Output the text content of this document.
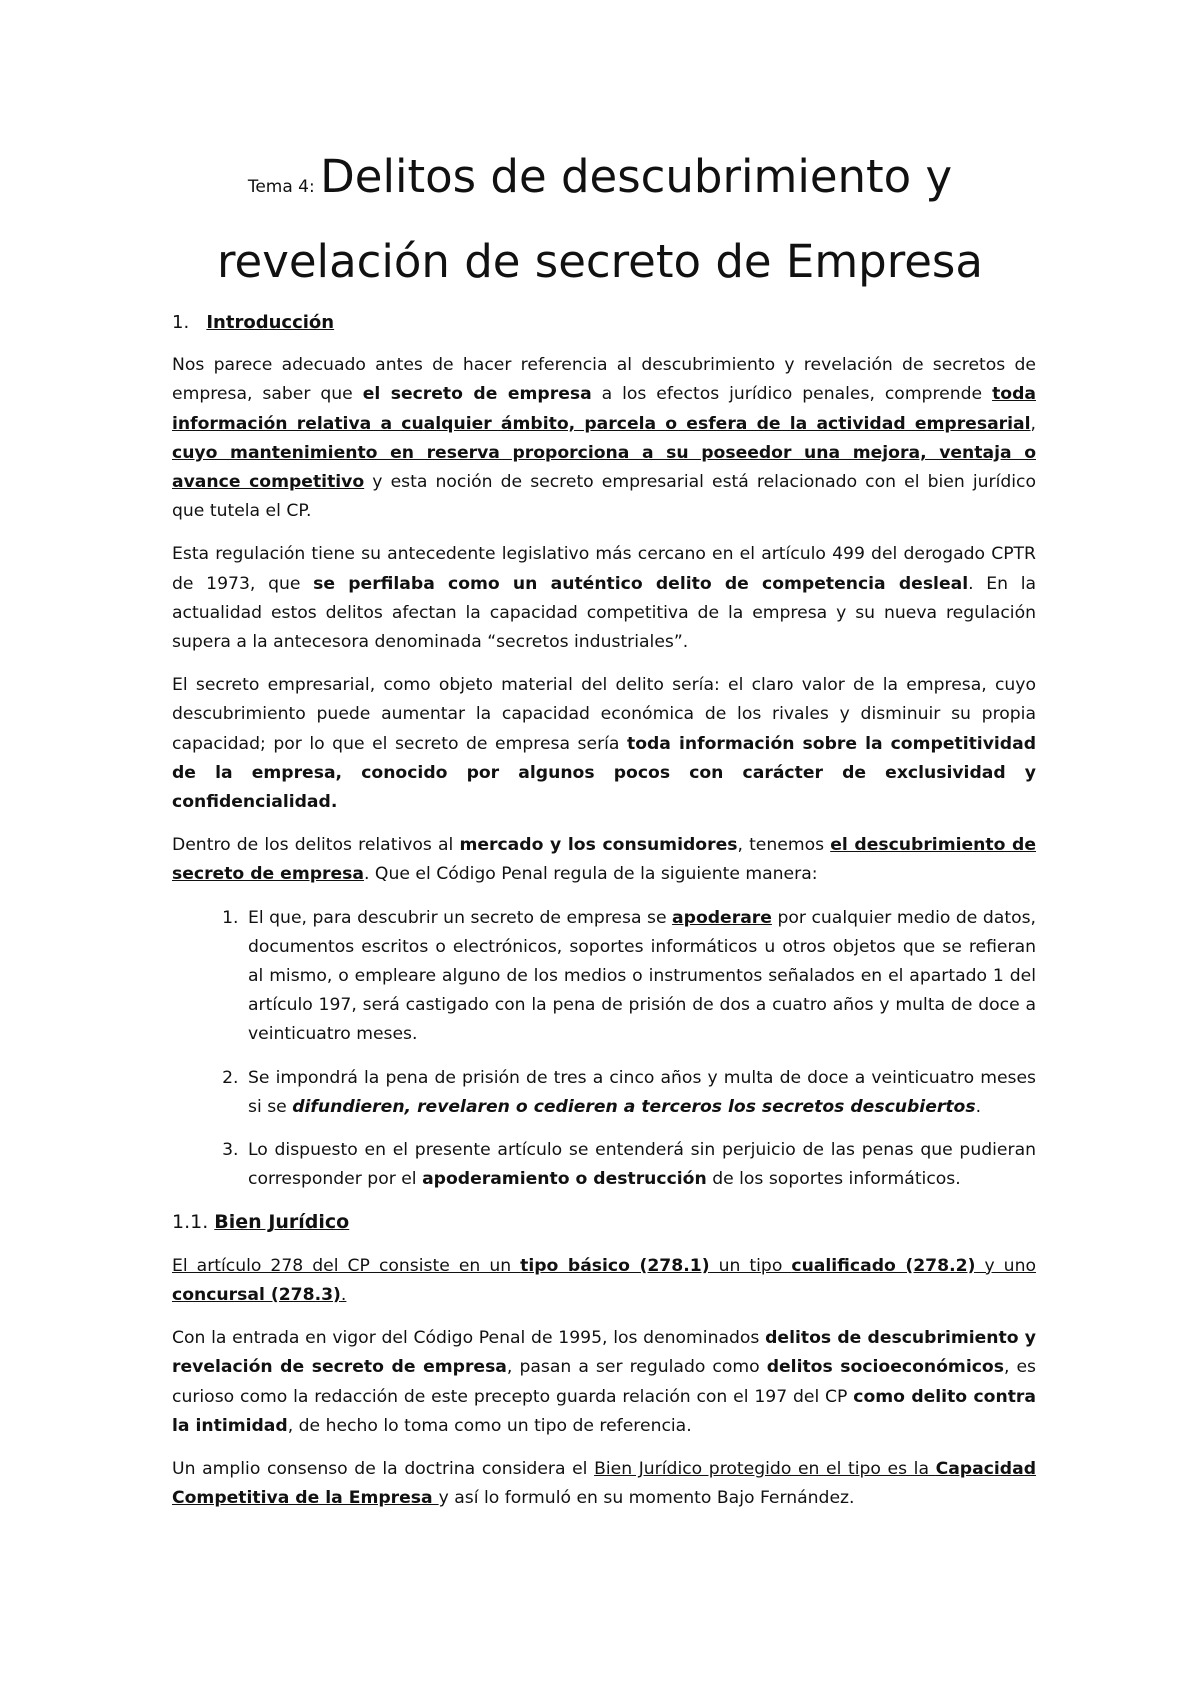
Tema 4: Delitos de descubrimiento y
revelación de secreto de Empresa
1. Introducción

Nos parece adecuado antes de hacer referencia al descubrimiento y revelación de secretos de empresa, saber que el secreto de empresa a los efectos jurídico penales, comprende toda información relativa a cualquier ámbito, parcela o esfera de la actividad empresarial, cuyo mantenimiento en reserva proporciona a su poseedor una mejora, ventaja o avance competitivo y esta noción de secreto empresarial está relacionado con el bien jurídico que tutela el CP.

Esta regulación tiene su antecedente legislativo más cercano en el artículo 499 del derogado CPTR de 1973, que se perfilaba como un auténtico delito de competencia desleal. En la actualidad estos delitos afectan la capacidad competitiva de la empresa y su nueva regulación supera a la antecesora denominada “secretos industriales”.

El secreto empresarial, como objeto material del delito sería: el claro valor de la empresa, cuyo descubrimiento puede aumentar la capacidad económica de los rivales y disminuir su propia capacidad; por lo que el secreto de empresa sería toda información sobre la competitividad de la empresa, conocido por algunos pocos con carácter de exclusividad y confidencialidad.

Dentro de los delitos relativos al mercado y los consumidores, tenemos el descubrimiento de secreto de empresa. Que el Código Penal regula de la siguiente manera:

1. El que, para descubrir un secreto de empresa se apoderare por cualquier medio de datos, documentos escritos o electrónicos, soportes informáticos u otros objetos que se refieran al mismo, o empleare alguno de los medios o instrumentos señalados en el apartado 1 del artículo 197, será castigado con la pena de prisión de dos a cuatro años y multa de doce a veinticuatro meses.
2. Se impondrá la pena de prisión de tres a cinco años y multa de doce a veinticuatro meses si se difundieren, revelaren o cedieren a terceros los secretos descubiertos.
3. Lo dispuesto en el presente artículo se entenderá sin perjuicio de las penas que pudieran corresponder por el apoderamiento o destrucción de los soportes informáticos.
1.1. Bien Jurídico

El artículo 278 del CP consiste en un tipo básico (278.1) un tipo cualificado (278.2) y uno concursal (278.3).

Con la entrada en vigor del Código Penal de 1995, los denominados delitos de descubrimiento y revelación de secreto de empresa, pasan a ser regulado como delitos socioeconómicos, es curioso como la redacción de este precepto guarda relación con el 197 del CP como delito contra la intimidad, de hecho lo toma como un tipo de referencia.

Un amplio consenso de la doctrina considera el Bien Jurídico protegido en el tipo es la Capacidad Competitiva de la Empresa y así lo formuló en su momento Bajo Fernández.
